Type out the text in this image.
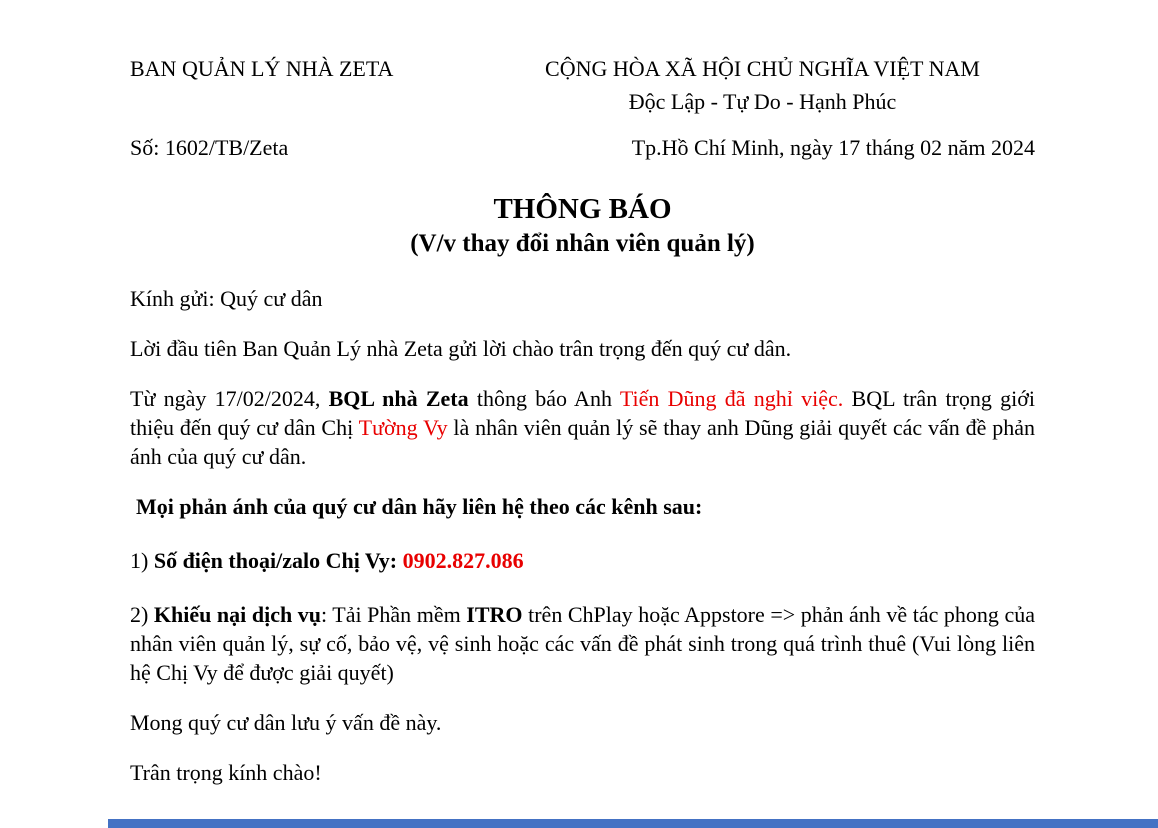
BAN QUẢN LÝ NHÀ ZETA	CỘNG HÒA XÃ HỘI CHỦ NGHĨA VIỆT NAM
Độc Lập - Tự Do - Hạnh Phúc
Số: 1602/TB/Zeta	Tp.Hồ Chí Minh, ngày 17 tháng 02 năm 2024
THÔNG BÁO
(V/v thay đổi nhân viên quản lý)

Kính gửi: Quý cư dân

Lời đầu tiên Ban Quản Lý nhà Zeta gửi lời chào trân trọng đến quý cư dân.

Từ ngày 17/02/2024, BQL nhà Zeta thông báo Anh Tiến Dũng đã nghỉ việc. BQL trân trọng giới thiệu đến quý cư dân Chị Tường Vy là nhân viên quản lý sẽ thay anh Dũng giải quyết các vấn đề phản ánh của quý cư dân.

Mọi phản ánh của quý cư dân hãy liên hệ theo các kênh sau:

1) Số điện thoại/zalo Chị Vy: 0902.827.086

2) Khiếu nại dịch vụ: Tải Phần mềm ITRO trên ChPlay hoặc Appstore => phản ánh về tác phong của nhân viên quản lý, sự cố, bảo vệ, vệ sinh hoặc các vấn đề phát sinh trong quá trình thuê (Vui lòng liên hệ Chị Vy để được giải quyết)

Mong quý cư dân lưu ý vấn đề này.

Trân trọng kính chào!
